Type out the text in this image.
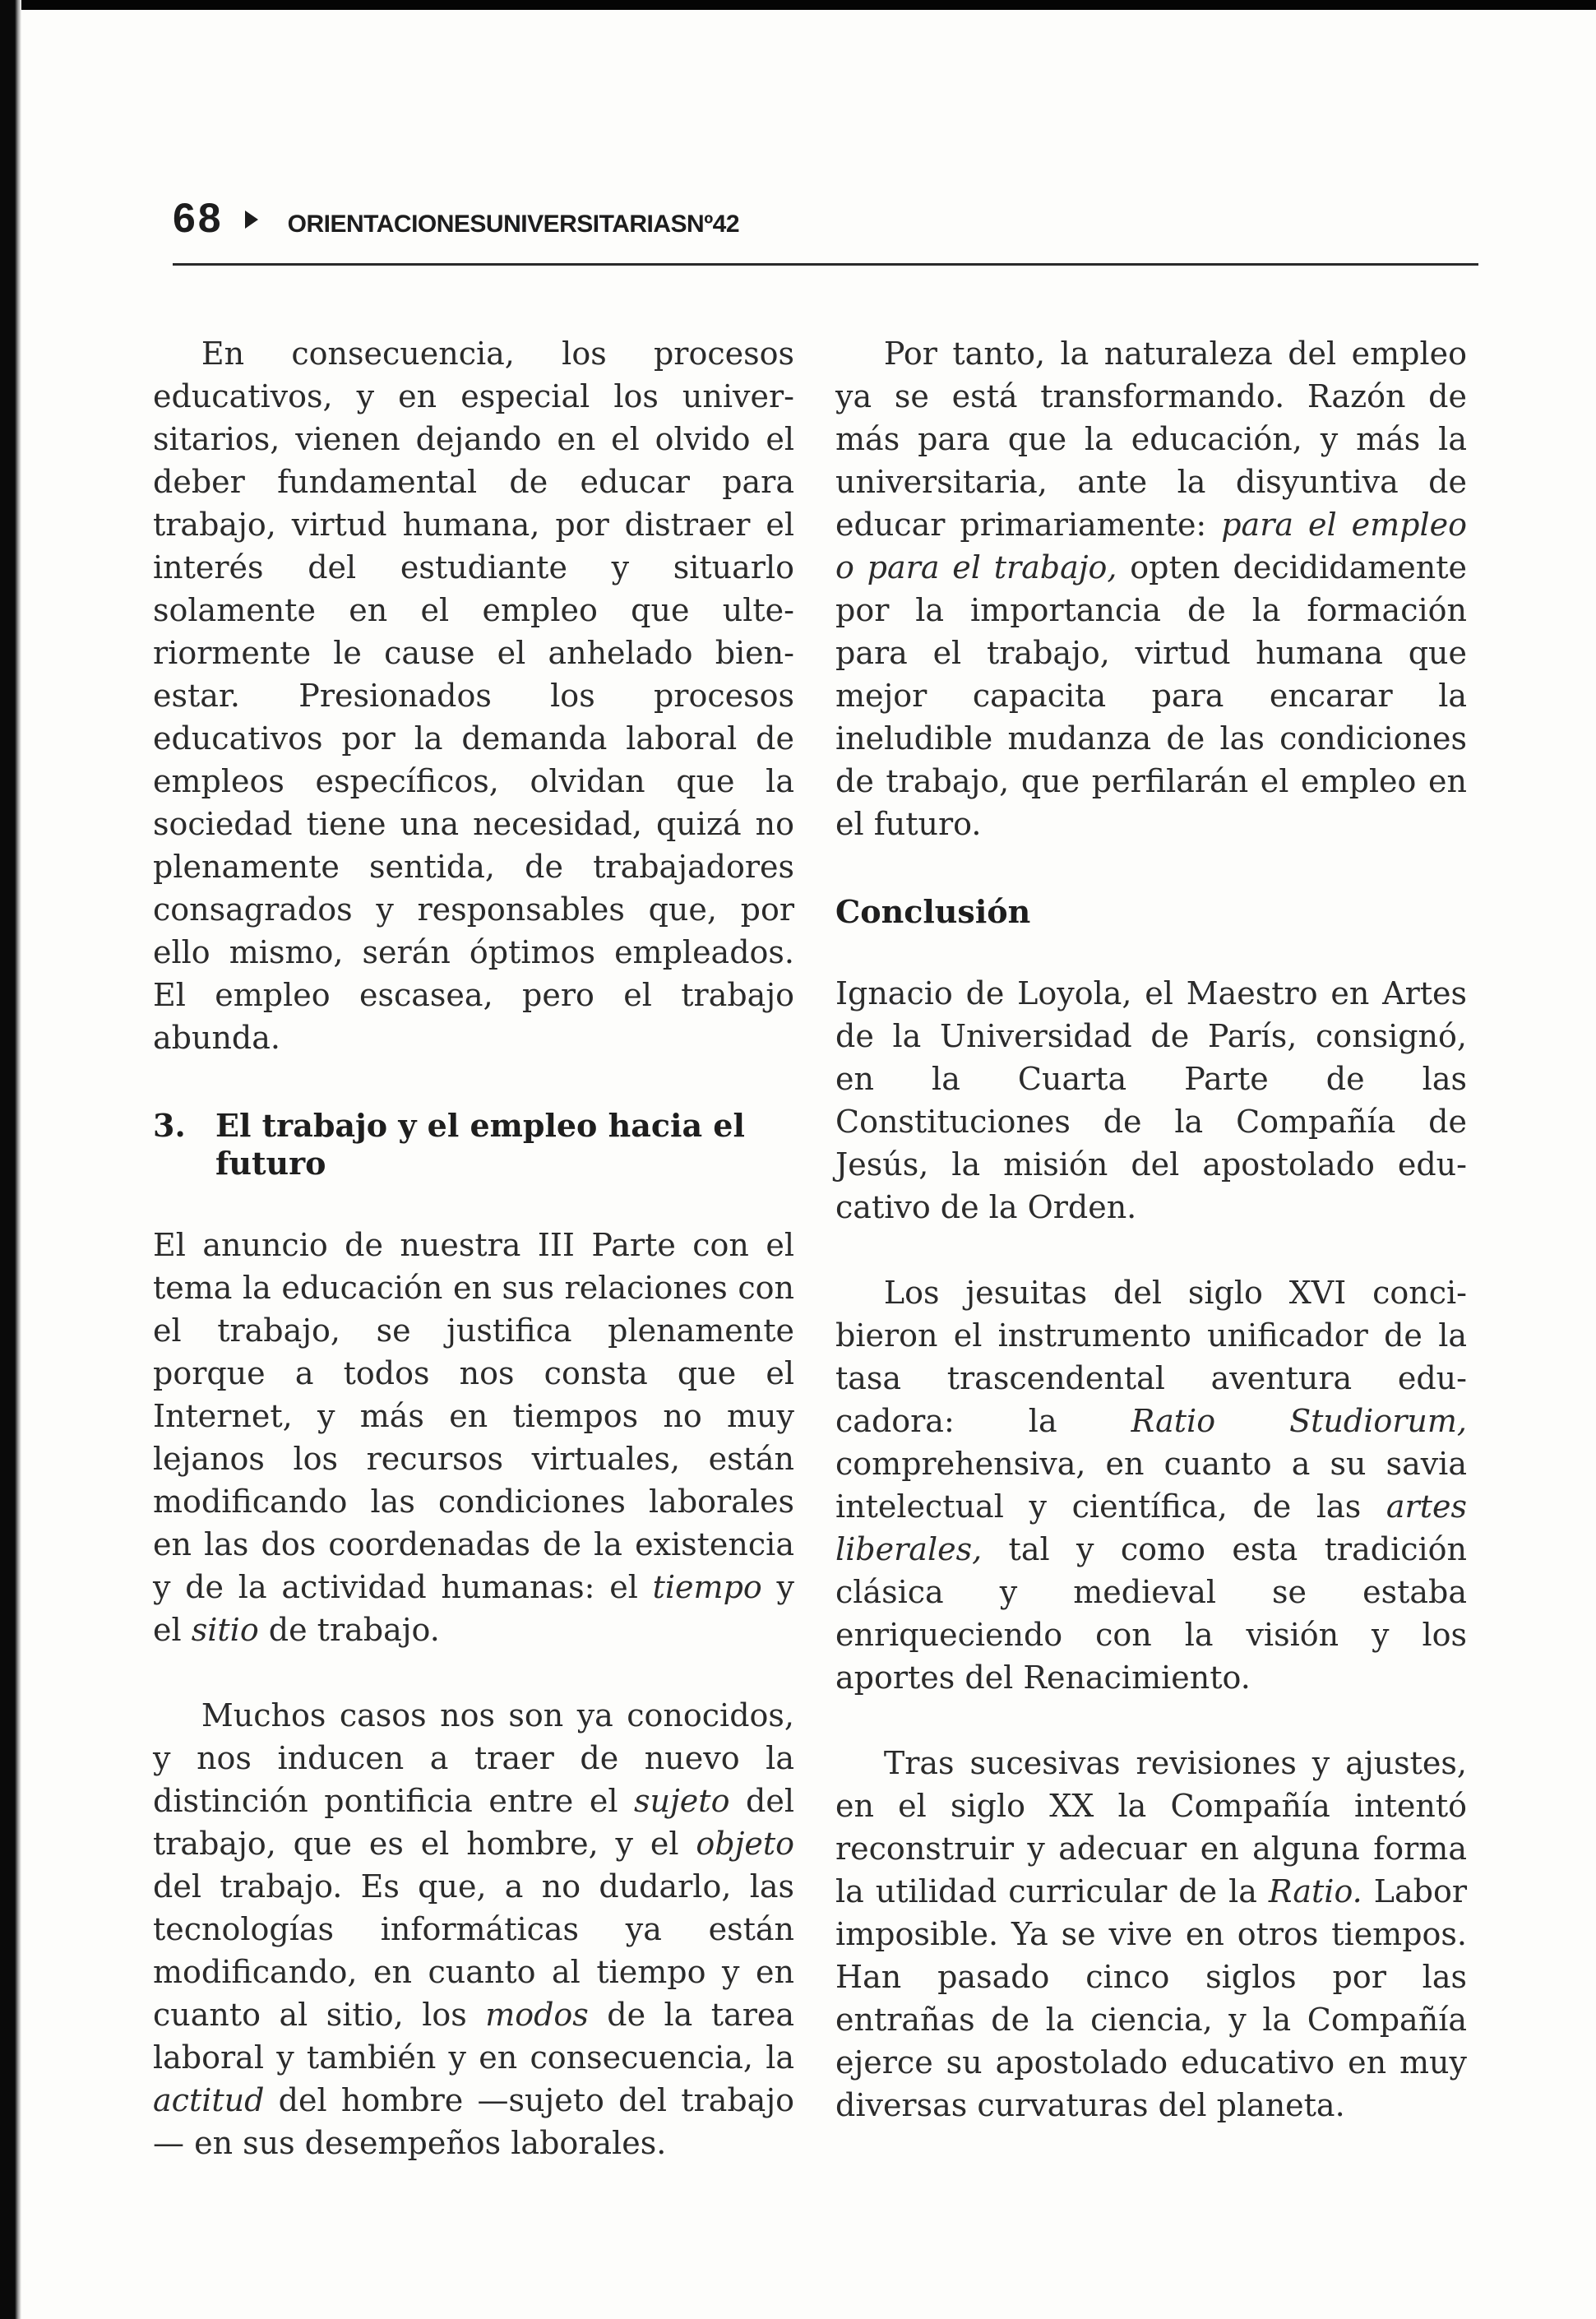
68	ORIENTACIONESUNIVERSITARIASNº42

En consecuencia, los procesos educativos, y en especial los universitarios, vienen dejando en el olvido el deber fundamental de educar para trabajo, virtud humana, por distraer el interés del estudiante y situarlo solamente en el empleo que ulteriormente le cause el anhelado bienestar. Presionados los procesos educativos por la demanda laboral de empleos específicos, olvidan que la sociedad tiene una necesidad, quizá no plenamente sentida, de trabajadores consagrados y responsables que, por ello mismo, serán óptimos empleados. El empleo escasea, pero el trabajo abunda.

3. El trabajo y el empleo hacia el futuro

El anuncio de nuestra III Parte con el tema la educación en sus relaciones con el trabajo, se justifica plenamente porque a todos nos consta que el Internet, y más en tiempos no muy lejanos los recursos virtuales, están modificando las condiciones laborales en las dos coordenadas de la existencia y de la actividad humanas: el tiempo y el sitio de trabajo.

Muchos casos nos son ya conocidos, y nos inducen a traer de nuevo la distinción pontificia entre el sujeto del trabajo, que es el hombre, y el objeto del trabajo. Es que, a no dudarlo, las tecnologías informáticas ya están modificando, en cuanto al tiempo y en cuanto al sitio, los modos de la tarea laboral y también y en consecuencia, la actitud del hombre —sujeto del trabajo— en sus desempeños laborales.

Por tanto, la naturaleza del empleo ya se está transformando. Razón de más para que la educación, y más la universitaria, ante la disyuntiva de educar primariamente: para el empleo o para el trabajo, opten decididamente por la importancia de la formación para el trabajo, virtud humana que mejor capacita para encarar la ineludible mudanza de las condiciones de trabajo, que perfilarán el empleo en el futuro.

Conclusión

Ignacio de Loyola, el Maestro en Artes de la Universidad de París, consignó, en la Cuarta Parte de las Constituciones de la Compañía de Jesús, la misión del apostolado educativo de la Orden.

Los jesuitas del siglo XVI concibieron el instrumento unificador de la tasa trascendental aventura educadora: la Ratio Studiorum, comprehensiva, en cuanto a su savia intelectual y científica, de las artes liberales, tal y como esta tradición clásica y medieval se estaba enriqueciendo con la visión y los aportes del Renacimiento.

Tras sucesivas revisiones y ajustes, en el siglo XX la Compañía intentó reconstruir y adecuar en alguna forma la utilidad curricular de la Ratio. Labor imposible. Ya se vive en otros tiempos. Han pasado cinco siglos por las entrañas de la ciencia, y la Compañía ejerce su apostolado educativo en muy diversas curvaturas del planeta.
